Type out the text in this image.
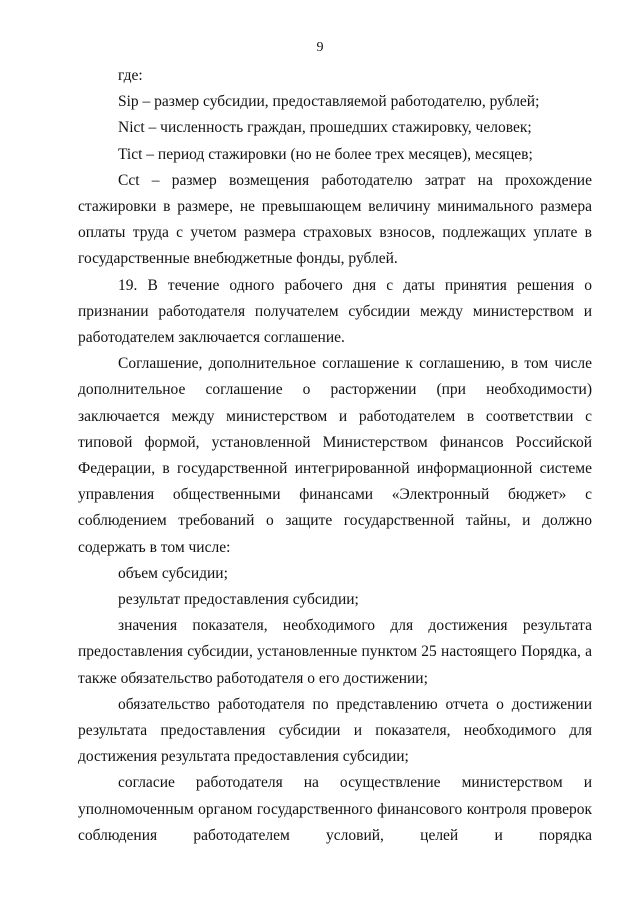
9

где:

Sip – размер субсидии, предоставляемой работодателю, рублей;

Nict – численность граждан, прошедших стажировку, человек;

Tict – период стажировки (но не более трех месяцев), месяцев;

Cct – размер возмещения работодателю затрат на прохождение стажировки в размере, не превышающем величину минимального размера оплаты труда с учетом размера страховых взносов, подлежащих уплате в государственные внебюджетные фонды, рублей.

19. В течение одного рабочего дня с даты принятия решения о признании работодателя получателем субсидии между министерством и работодателем заключается соглашение.

Соглашение, дополнительное соглашение к соглашению, в том числе дополнительное соглашение о расторжении (при необходимости) заключается между министерством и работодателем в соответствии с типовой формой, установленной Министерством финансов Российской Федерации, в государственной интегрированной информационной системе управления общественными финансами «Электронный бюджет» с соблюдением требований о защите государственной тайны, и должно содержать в том числе:

объем субсидии;

результат предоставления субсидии;

значения показателя, необходимого для достижения результата предоставления субсидии, установленные пунктом 25 настоящего Порядка, а также обязательство работодателя о его достижении;

обязательство работодателя по представлению отчета о достижении результата предоставления субсидии и показателя, необходимого для достижения результата предоставления субсидии;

согласие работодателя на осуществление министерством и уполномоченным органом государственного финансового контроля проверок соблюдения работодателем условий, целей и порядка
